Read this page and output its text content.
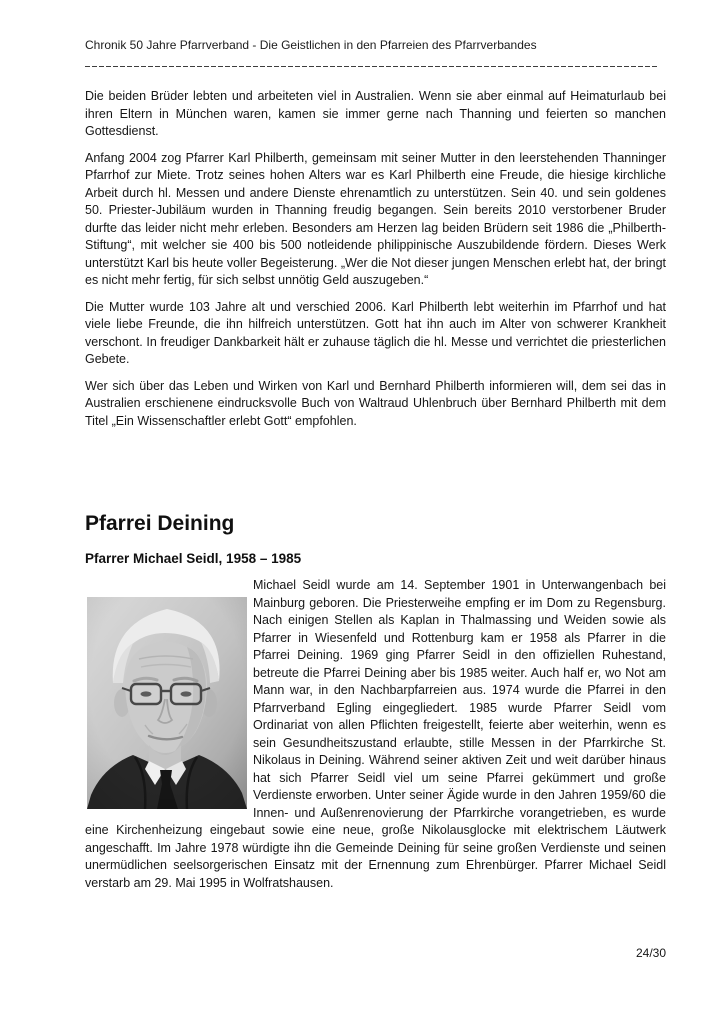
Chronik 50 Jahre Pfarrverband - Die Geistlichen in den Pfarreien des Pfarrverbandes

Die beiden Brüder lebten und arbeiteten viel in Australien. Wenn sie aber einmal auf Heimaturlaub bei ihren Eltern in München waren, kamen sie immer gerne nach Thanning und feierten so manchen Gottesdienst.

Anfang 2004 zog Pfarrer Karl Philberth, gemeinsam mit seiner Mutter in den leerstehenden Thanninger Pfarrhof zur Miete. Trotz seines hohen Alters war es Karl Philberth eine Freude, die hiesige kirchliche Arbeit durch hl. Messen und andere Dienste ehrenamtlich zu unterstützen. Sein 40. und sein goldenes 50. Priester-Jubiläum wurden in Thanning freudig begangen. Sein bereits 2010 verstorbener Bruder durfte das leider nicht mehr erleben. Besonders am Herzen lag beiden Brüdern seit 1986 die „Philberth-Stiftung“, mit welcher sie 400 bis 500 notleidende philippinische Auszubildende fördern. Dieses Werk unterstützt Karl bis heute voller Begeisterung. „Wer die Not dieser jungen Menschen erlebt hat, der bringt es nicht mehr fertig, für sich selbst unnötig Geld auszugeben.“

Die Mutter wurde 103 Jahre alt und verschied 2006. Karl Philberth lebt weiterhin im Pfarrhof und hat viele liebe Freunde, die ihn hilfreich unterstützen. Gott hat ihn auch im Alter von schwerer Krankheit verschont. In freudiger Dankbarkeit hält er zuhause täglich die hl. Messe und verrichtet die priesterlichen Gebete.

Wer sich über das Leben und Wirken von Karl und Bernhard Philberth informieren will, dem sei das in Australien erschienene eindrucksvolle Buch von Waltraud Uhlenbruch über Bernhard Philberth mit dem Titel „Ein Wissenschaftler erlebt Gott“ empfohlen.

Pfarrei Deining
Pfarrer Michael Seidl, 1958 – 1985

Michael Seidl wurde am 14. September 1901 in Unterwangenbach bei Mainburg geboren. Die Priesterweihe empfing er im Dom zu Regensburg. Nach einigen Stellen als Kaplan in Thalmassing und Weiden sowie als Pfarrer in Wiesenfeld und Rottenburg kam er 1958 als Pfarrer in die Pfarrei Deining. 1969 ging Pfarrer Seidl in den offiziellen Ruhestand, betreute die Pfarrei Deining aber bis 1985 weiter. Auch half er, wo Not am Mann war, in den Nachbarpfarreien aus. 1974 wurde die Pfarrei in den Pfarrverband Egling eingegliedert. 1985 wurde Pfarrer Seidl vom Ordinariat von allen Pflichten freigestellt, feierte aber weiterhin, wenn es sein Gesundheitszustand erlaubte, stille Messen in der Pfarrkirche St. Nikolaus in Deining. Während seiner aktiven Zeit und weit darüber hinaus hat sich Pfarrer Seidl viel um seine Pfarrei gekümmert und große Verdienste erworben. Unter seiner Ägide wurde in den Jahren 1959/60 die Innen- und Außenrenovierung der Pfarrkirche vorangetrieben, es wurde eine Kirchenheizung eingebaut sowie eine neue, große Nikolausglocke mit elektrischem Läutwerk angeschafft. Im Jahre 1978 würdigte ihn die Gemeinde Deining für seine großen Verdienste und seinen unermüdlichen seelsorgerischen Einsatz mit der Ernennung zum Ehrenbürger. Pfarrer Michael Seidl verstarb am 29. Mai 1995 in Wolfratshausen.

24/30
